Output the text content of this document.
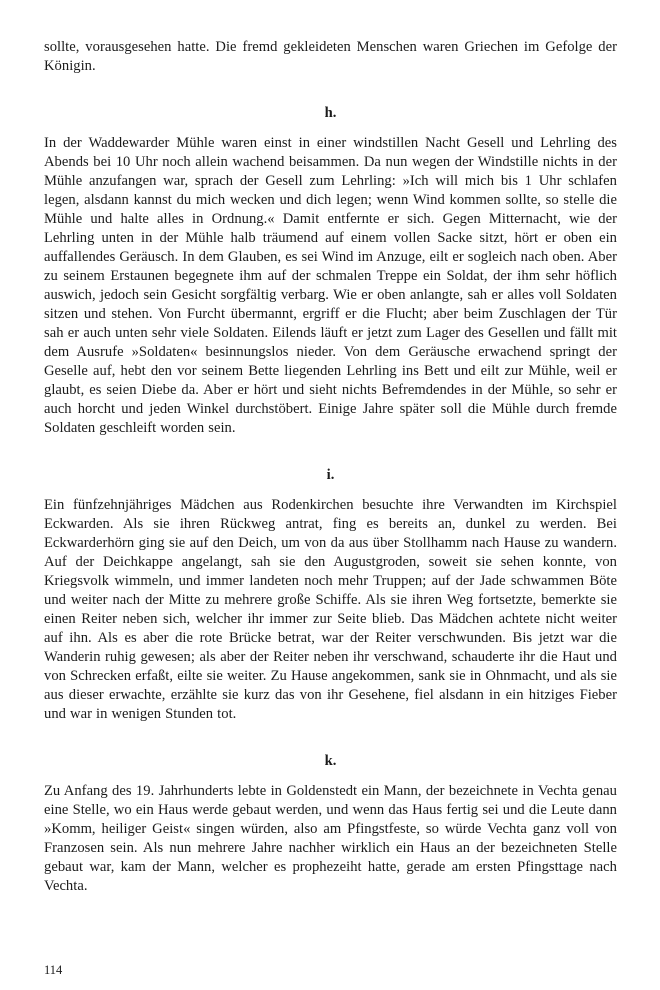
sollte, vorausgesehen hatte. Die fremd gekleideten Menschen waren Griechen im Gefolge der Königin.

h.

In der Waddewarder Mühle waren einst in einer windstillen Nacht Gesell und Lehrling des Abends bei 10 Uhr noch allein wachend beisammen. Da nun wegen der Windstille nichts in der Mühle anzufangen war, sprach der Gesell zum Lehrling: »Ich will mich bis 1 Uhr schlafen legen, alsdann kannst du mich wecken und dich legen; wenn Wind kommen sollte, so stelle die Mühle und halte alles in Ordnung.« Damit entfernte er sich. Gegen Mitternacht, wie der Lehrling unten in der Mühle halb träumend auf einem vollen Sacke sitzt, hört er oben ein auffallendes Geräusch. In dem Glauben, es sei Wind im Anzuge, eilt er sogleich nach oben. Aber zu seinem Erstaunen begegnete ihm auf der schmalen Treppe ein Soldat, der ihm sehr höflich auswich, jedoch sein Gesicht sorgfältig verbarg. Wie er oben anlangte, sah er alles voll Soldaten sitzen und stehen. Von Furcht übermannt, ergriff er die Flucht; aber beim Zuschlagen der Tür sah er auch unten sehr viele Soldaten. Eilends läuft er jetzt zum Lager des Gesellen und fällt mit dem Ausrufe »Soldaten« besinnungslos nieder. Von dem Geräusche erwachend springt der Geselle auf, hebt den vor seinem Bette liegenden Lehrling ins Bett und eilt zur Mühle, weil er glaubt, es seien Diebe da. Aber er hört und sieht nichts Befremdendes in der Mühle, so sehr er auch horcht und jeden Winkel durchstöbert. Einige Jahre später soll die Mühle durch fremde Soldaten geschleift worden sein.

i.

Ein fünfzehnjähriges Mädchen aus Rodenkirchen besuchte ihre Verwandten im Kirchspiel Eckwarden. Als sie ihren Rückweg antrat, fing es bereits an, dunkel zu werden. Bei Eckwarderhörn ging sie auf den Deich, um von da aus über Stollhamm nach Hause zu wandern. Auf der Deichkappe angelangt, sah sie den Augustgroden, soweit sie sehen konnte, von Kriegsvolk wimmeln, und immer landeten noch mehr Truppen; auf der Jade schwammen Böte und weiter nach der Mitte zu mehrere große Schiffe. Als sie ihren Weg fortsetzte, bemerkte sie einen Reiter neben sich, welcher ihr immer zur Seite blieb. Das Mädchen achtete nicht weiter auf ihn. Als es aber die rote Brücke betrat, war der Reiter verschwunden. Bis jetzt war die Wanderin ruhig gewesen; als aber der Reiter neben ihr verschwand, schauderte ihr die Haut und von Schrecken erfaßt, eilte sie weiter. Zu Hause angekommen, sank sie in Ohnmacht, und als sie aus dieser erwachte, erzählte sie kurz das von ihr Gesehene, fiel alsdann in ein hitziges Fieber und war in wenigen Stunden tot.

k.

Zu Anfang des 19. Jahrhunderts lebte in Goldenstedt ein Mann, der bezeichnete in Vechta genau eine Stelle, wo ein Haus werde gebaut werden, und wenn das Haus fertig sei und die Leute dann »Komm, heiliger Geist« singen würden, also am Pfingstfeste, so würde Vechta ganz voll von Franzosen sein. Als nun mehrere Jahre nachher wirklich ein Haus an der bezeichneten Stelle gebaut war, kam der Mann, welcher es prophezeiht hatte, gerade am ersten Pfingsttage nach Vechta.

114
